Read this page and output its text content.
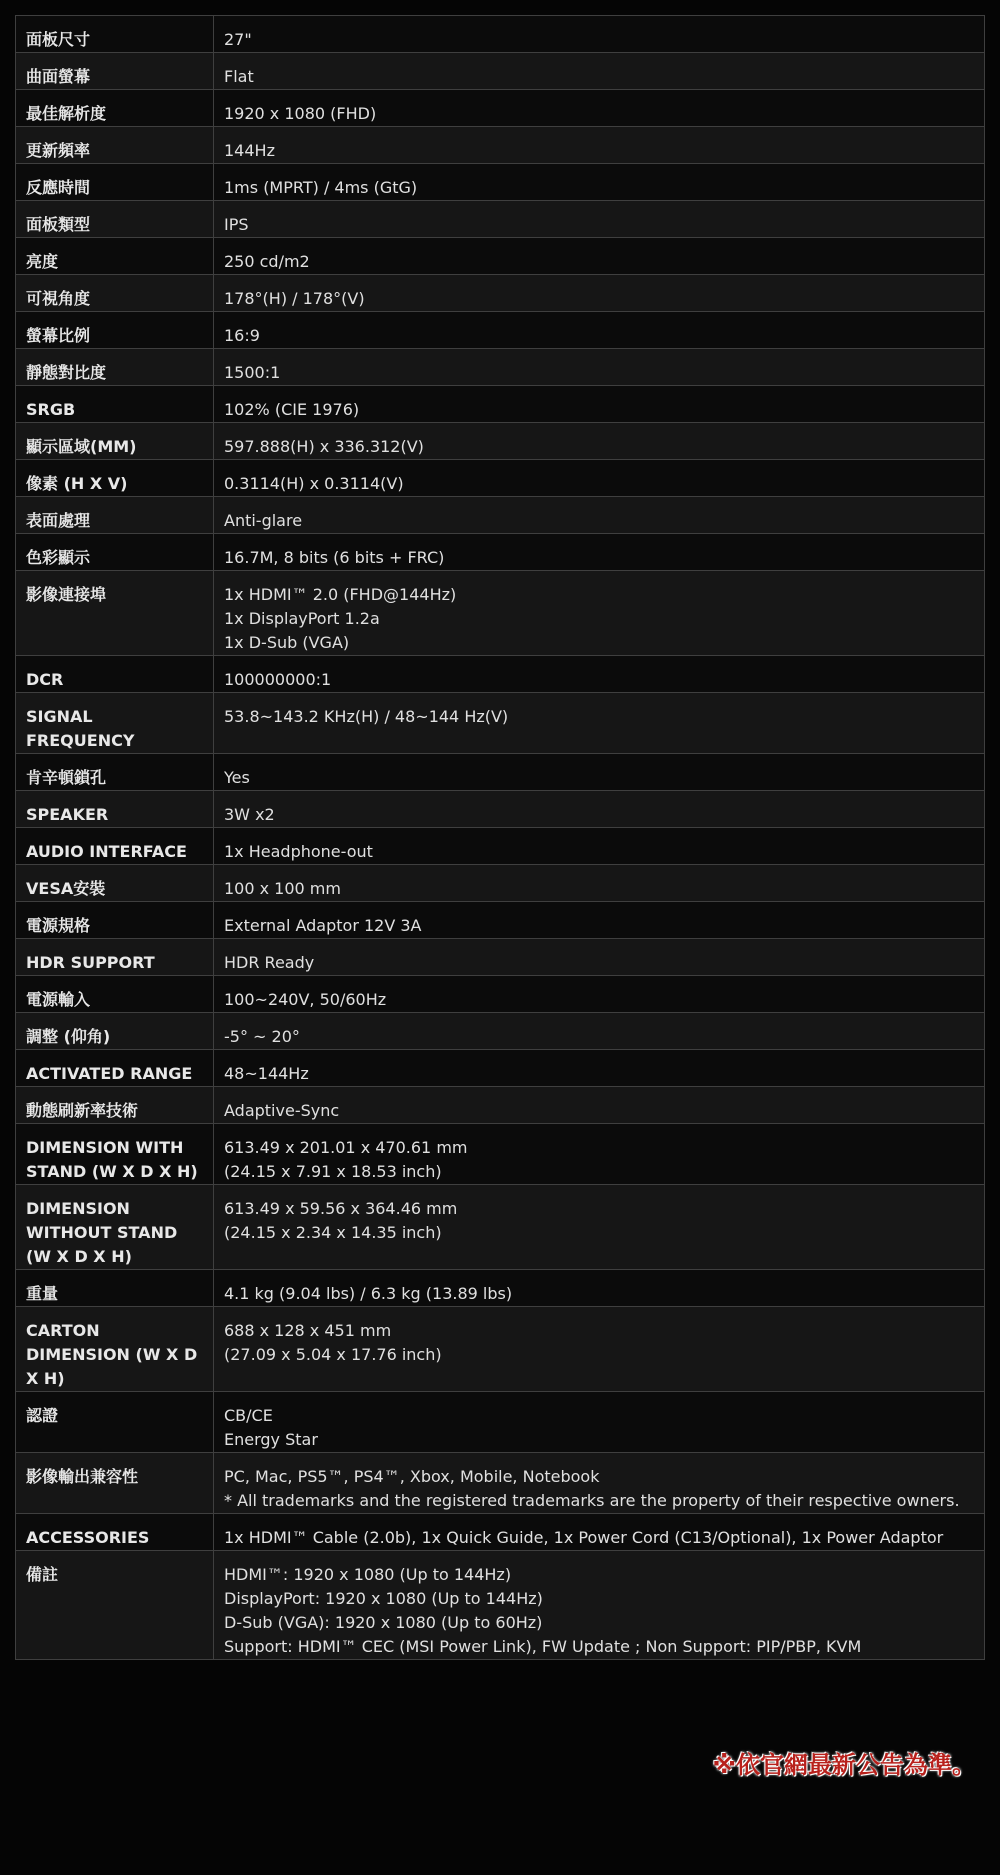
面板尺寸	27"

曲面螢幕	Flat

最佳解析度	1920 x 1080 (FHD)

更新頻率	144Hz

反應時間	1ms (MPRT) / 4ms (GtG)

面板類型	IPS

亮度	250 cd/m2

可視角度	178°(H) / 178°(V)

螢幕比例	16:9

靜態對比度	1500:1

SRGB	102% (CIE 1976)

顯示區域(MM)	597.888(H) x 336.312(V)

像素 (H X V)	0.3114(H) x 0.3114(V)

表面處理	Anti-glare

色彩顯示	16.7M, 8 bits (6 bits + FRC)

影像連接埠	1x HDMI™ 2.0 (FHD@144Hz)
1x DisplayPort 1.2a
1x D-Sub (VGA)

DCR	100000000:1

SIGNAL FREQUENCY	53.8~143.2 KHz(H) / 48~144 Hz(V)

肯辛頓鎖孔	Yes

SPEAKER	3W x2

AUDIO INTERFACE	1x Headphone-out

VESA安裝	100 x 100 mm

電源規格	External Adaptor 12V 3A

HDR SUPPORT	HDR Ready

電源輸入	100~240V, 50/60Hz

調整 (仰角)	-5° ~ 20°

ACTIVATED RANGE	48~144Hz

動態刷新率技術	Adaptive-Sync

DIMENSION WITH STAND (W X D X H)	613.49 x 201.01 x 470.61 mm
(24.15 x 7.91 x 18.53 inch)

DIMENSION WITHOUT STAND (W X D X H)	613.49 x 59.56 x 364.46 mm
(24.15 x 2.34 x 14.35 inch)

重量	4.1 kg (9.04 lbs) / 6.3 kg (13.89 lbs)

CARTON DIMENSION (W X D X H)	688 x 128 x 451 mm
(27.09 x 5.04 x 17.76 inch)

認證	CB/CE
Energy Star

影像輸出兼容性	PC, Mac, PS5™, PS4™, Xbox, Mobile, Notebook
* All trademarks and the registered trademarks are the property of their respective owners.

ACCESSORIES	1x HDMI™ Cable (2.0b), 1x Quick Guide, 1x Power Cord (C13/Optional), 1x Power Adaptor

備註	HDMI™: 1920 x 1080 (Up to 144Hz)
DisplayPort: 1920 x 1080 (Up to 144Hz)
D-Sub (VGA): 1920 x 1080 (Up to 60Hz)
Support: HDMI™ CEC (MSI Power Link), FW Update ; Non Support: PIP/PBP, KVM
※依官網最新公告為準。
